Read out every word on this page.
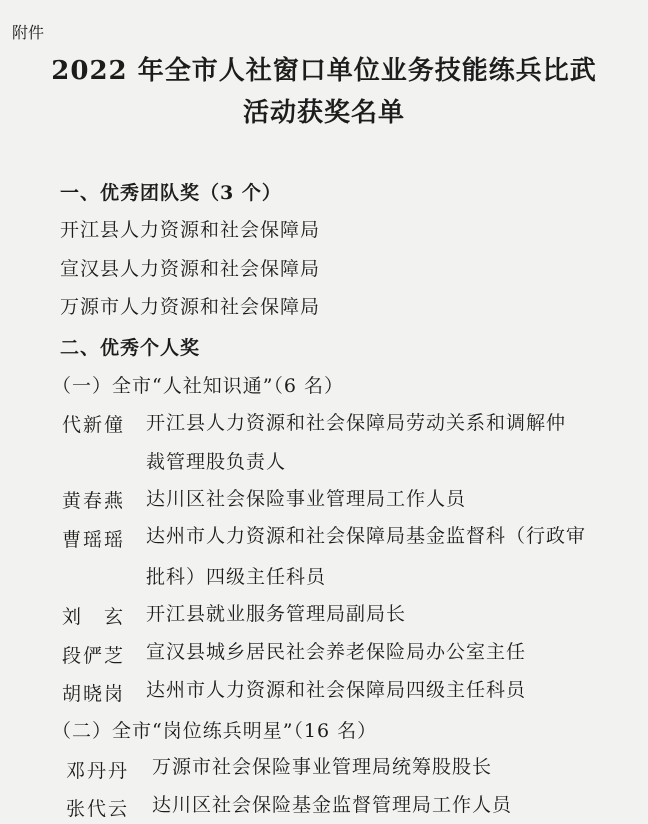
附件
2022 年全市人社窗口单位业务技能练兵比武
活动获奖名单
一、优秀团队奖（3 个）
开江县人力资源和社会保障局
宣汉县人力资源和社会保障局
万源市人力资源和社会保障局
二、优秀个人奖
（一）全市“人社知识通”（6 名）
代新僮 开江县人力资源和社会保障局劳动关系和调解仲
裁管理股负责人
黄春燕 达川区社会保险事业管理局工作人员
曹瑶瑶 达州市人力资源和社会保障局基金监督科（行政审
批科）四级主任科员
刘　玄 开江县就业服务管理局副局长
段俨芝 宣汉县城乡居民社会养老保险局办公室主任
胡晓岗 达州市人力资源和社会保障局四级主任科员
（二）全市“岗位练兵明星”（16 名）
邓丹丹 万源市社会保险事业管理局统筹股股长
张代云 达川区社会保险基金监督管理局工作人员
